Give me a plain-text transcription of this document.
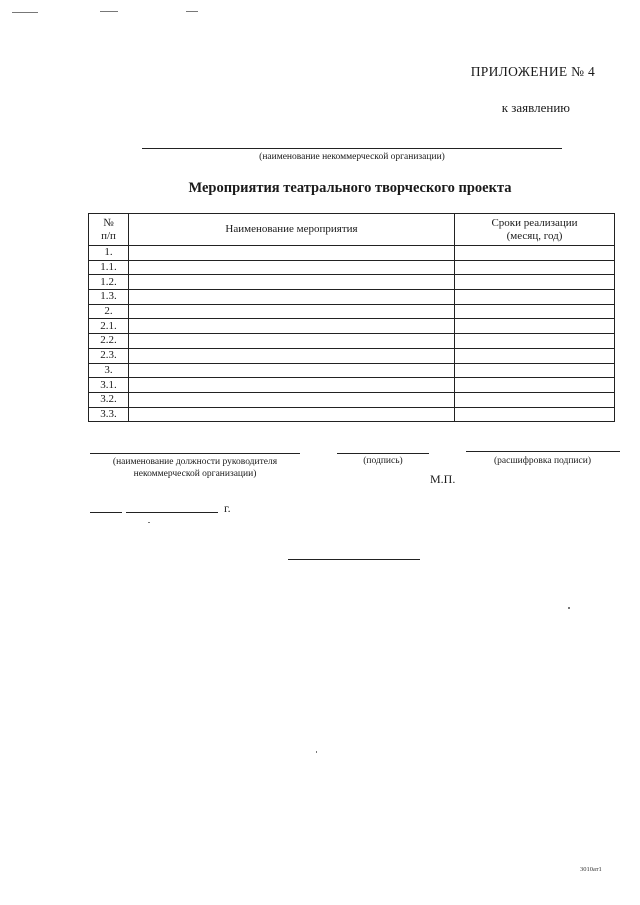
ПРИЛОЖЕНИЕ № 4
к заявлению
(наименование некоммерческой организации)
Мероприятия театрального творческого проекта
№
п/п	Наименование мероприятия	Сроки реализации
(месяц, год)
1.		
1.1.		
1.2.		
1.3.		
2.		
2.1.		
2.2.		
2.3.		
3.		
3.1.		
3.2.		
3.3.		
(наименование должности руководителя
некоммерческой организации)
(подпись)	(расшифровка подписи)
М.П.
г.
3010ат1
